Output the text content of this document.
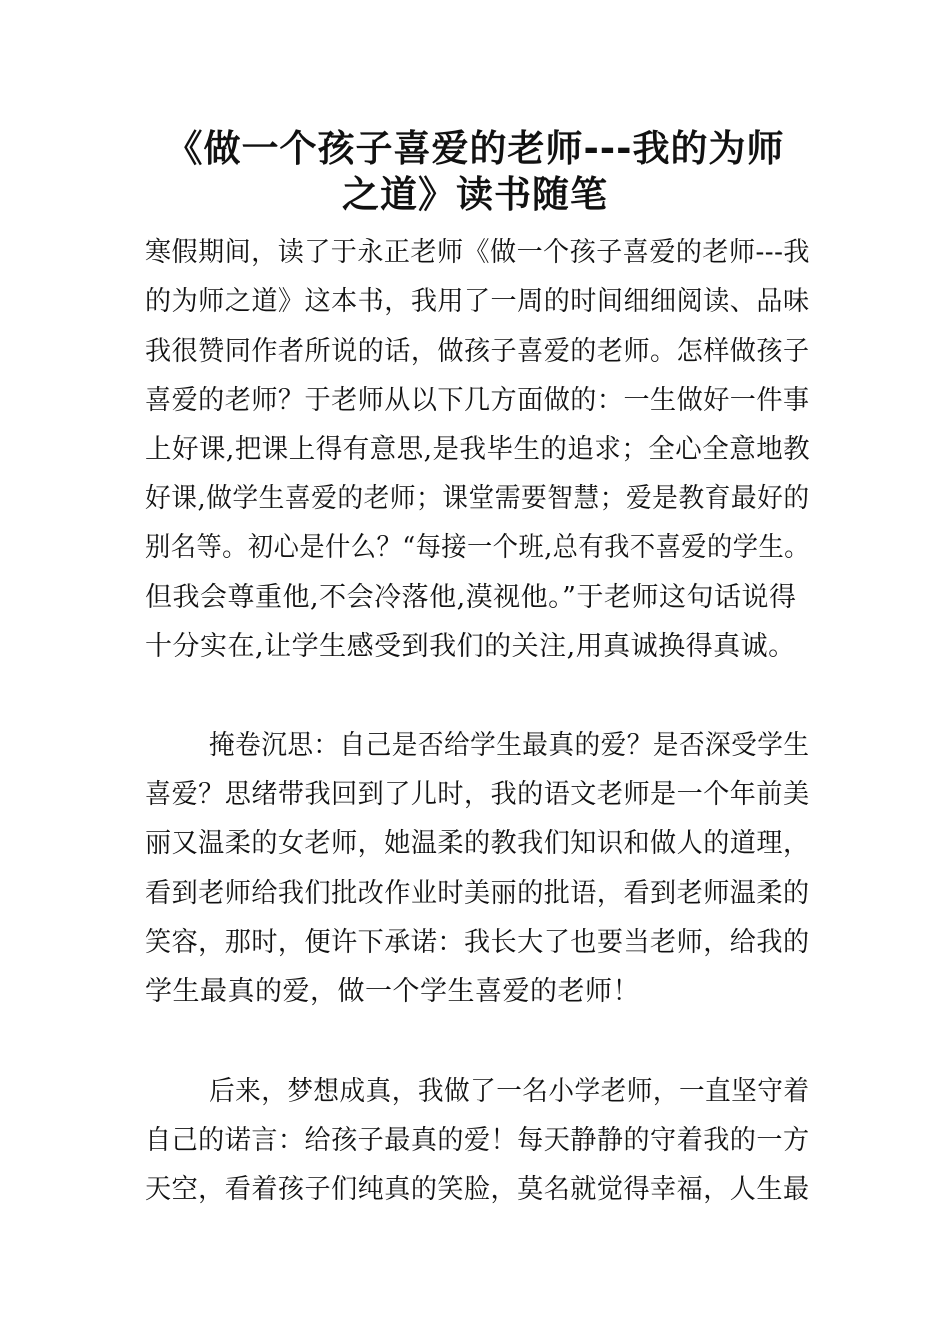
《做一个孩子喜爱的老师---我的为师
之道》读书随笔
寒假期间，读了于永正老师《做一个孩子喜爱的老师---我
的为师之道》这本书，我用了一周的时间细细阅读、品味
我很赞同作者所说的话，做孩子喜爱的老师。怎样做孩子
喜爱的老师？于老师从以下几方面做的：一生做好一件事
上好课,把课上得有意思,是我毕生的追求；全心全意地教
好课,做学生喜爱的老师；课堂需要智慧；爱是教育最好的
别名等。初心是什么？“每接一个班,总有我不喜爱的学生。
但我会尊重他,不会冷落他,漠视他。”于老师这句话说得
十分实在,让学生感受到我们的关注,用真诚换得真诚。
掩卷沉思：自己是否给学生最真的爱？是否深受学生
喜爱？思绪带我回到了儿时，我的语文老师是一个年前美
丽又温柔的女老师，她温柔的教我们知识和做人的道理，
看到老师给我们批改作业时美丽的批语，看到老师温柔的
笑容，那时，便许下承诺：我长大了也要当老师，给我的
学生最真的爱，做一个学生喜爱的老师！
后来，梦想成真，我做了一名小学老师，一直坚守着
自己的诺言：给孩子最真的爱！每天静静的守着我的一方
天空，看着孩子们纯真的笑脸，莫名就觉得幸福，人生最
